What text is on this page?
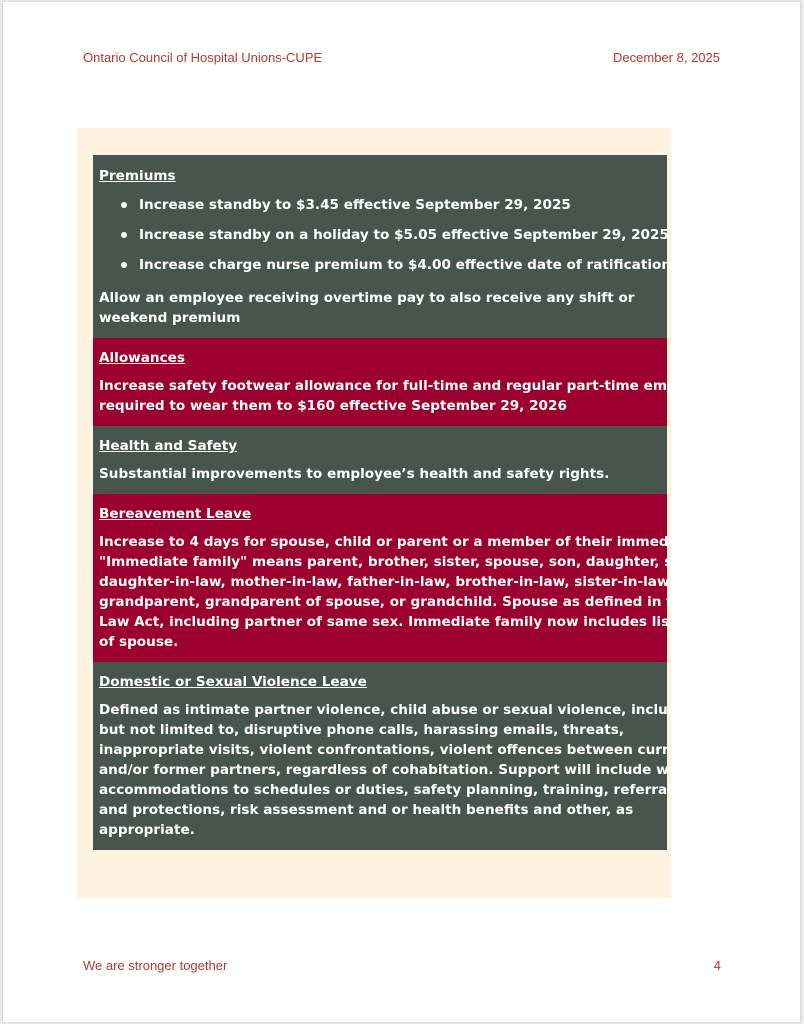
Ontario Council of Hospital Unions-CUPE	December 8, 2025
Premiums
Increase standby to $3.45 effective September 29, 2025
Increase standby on a holiday to $5.05 effective September 29, 2025
Increase charge nurse premium to $4.00 effective date of ratification
Allow an employee receiving overtime pay to also receive any shift or
weekend premium
Allowances
Increase safety footwear allowance for full-time and regular part-time employe
required to wear them to $160 effective September 29, 2026
Health and Safety
Substantial improvements to employee’s health and safety rights.
Bereavement Leave
Increase to 4 days for spouse, child or parent or a member of their immediate fami
"Immediate family" means parent, brother, sister, spouse, son, daughter, son-in-la
daughter-in-law, mother-in-law, father-in-law, brother-in-law, sister-in-law,
grandparent, grandparent of spouse, or grandchild. Spouse as defined in the Famil
Law Act, including partner of same sex. Immediate family now includes listed relat
of spouse.
Domestic or Sexual Violence Leave
Defined as intimate partner violence, child abuse or sexual violence, including
but not limited to, disruptive phone calls, harassing emails, threats,
inappropriate visits, violent confrontations, violent offences between current
and/or former partners, regardless of cohabitation. Support will include work
accommodations to schedules or duties, safety planning, training, referrals
and protections, risk assessment and or health benefits and other, as
appropriate.
We are stronger together	4
